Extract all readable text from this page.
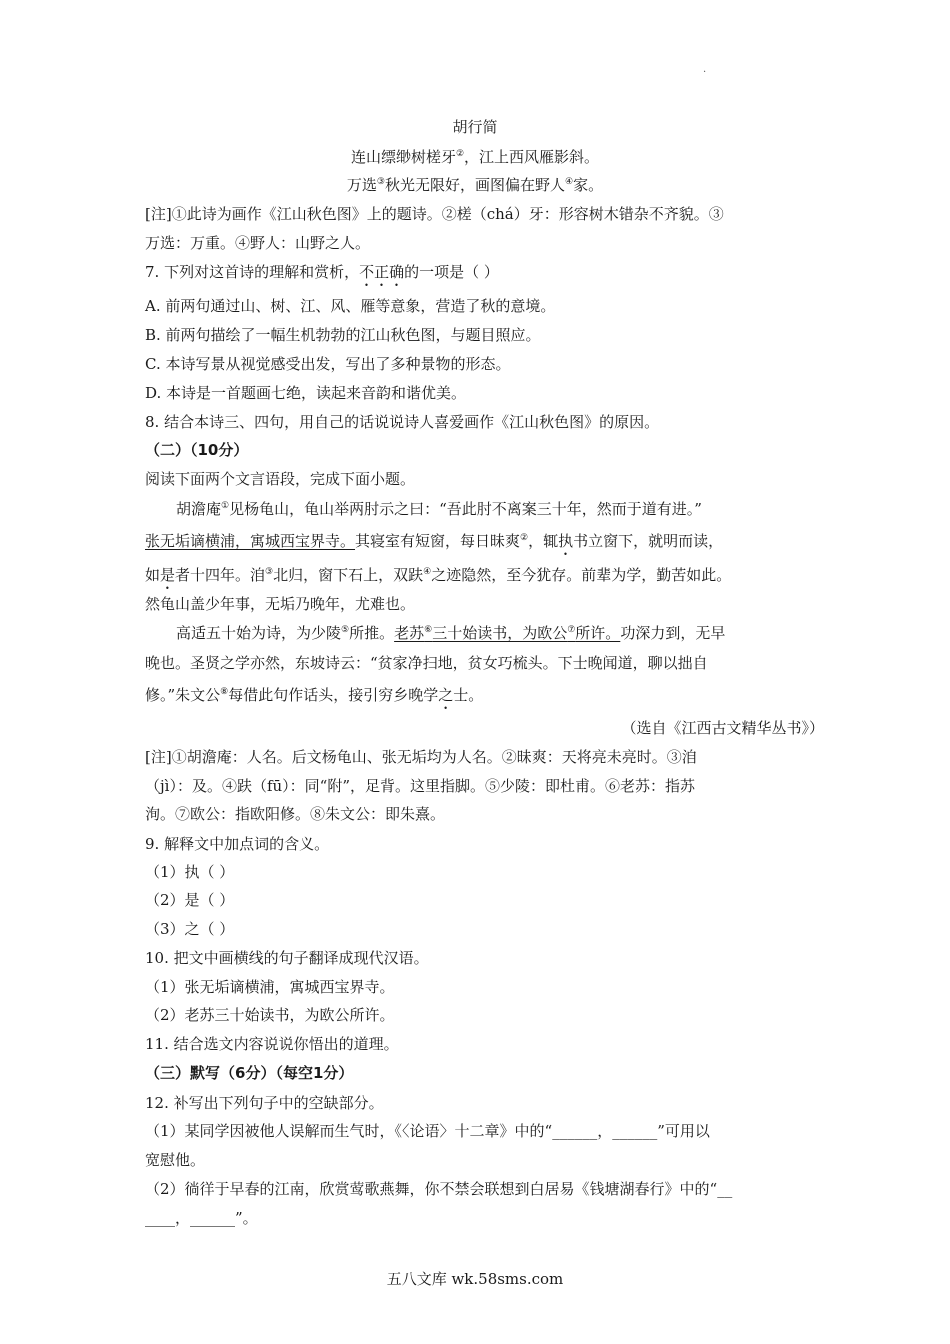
.
胡行简
连山缥缈树槎牙②，江上西风雁影斜。
万选③秋光无限好，画图偏在野人④家。
[注]①此诗为画作《江山秋色图》上的题诗。②槎（chá）牙：形容树木错杂不齐貌。③
万选：万重。④野人：山野之人。
7. 下列对这首诗的理解和赏析，不正确的一项是（ ）
A. 前两句通过山、树、江、风、雁等意象，营造了秋的意境。
B. 前两句描绘了一幅生机勃勃的江山秋色图，与题目照应。
C. 本诗写景从视觉感受出发，写出了多种景物的形态。
D. 本诗是一首题画七绝，读起来音韵和谐优美。
8. 结合本诗三、四句，用自己的话说说诗人喜爱画作《江山秋色图》的原因。
（二）（10分）
阅读下面两个文言语段，完成下面小题。
胡澹庵①见杨龟山，龟山举两肘示之曰：“吾此肘不离案三十年，然而于道有进。”
张无垢谪横浦，寓城西宝界寺。其寝室有短窗，每日昧爽②，辄执书立窗下，就明而读，
如是者十四年。洎③北归，窗下石上，双趺④之迹隐然，至今犹存。前辈为学，勤苦如此。
然龟山盖少年事，无垢乃晚年，尤难也。
高适五十始为诗，为少陵⑤所推。老苏⑥三十始读书，为欧公⑦所许。功深力到，无早
晚也。圣贤之学亦然，东坡诗云：“贫家净扫地，贫女巧梳头。下士晚闻道，聊以拙自
修。”朱文公⑧每借此句作话头，接引穷乡晚学之士。
（选自《江西古文精华丛书》）
[注]①胡澹庵：人名。后文杨龟山、张无垢均为人名。②昧爽：天将亮未亮时。③洎
（jì）：及。④趺（fū）：同“附”，足背。这里指脚。⑤少陵：即杜甫。⑥老苏：指苏
洵。⑦欧公：指欧阳修。⑧朱文公：即朱熹。
9. 解释文中加点词的含义。
（1）执（ ）
（2）是（ ）
（3）之（ ）
10. 把文中画横线的句子翻译成现代汉语。
（1）张无垢谪横浦，寓城西宝界寺。
（2）老苏三十始读书，为欧公所许。
11. 结合选文内容说说你悟出的道理。
（三）默写（6分）（每空1分）
12. 补写出下列句子中的空缺部分。
（1）某同学因被他人误解而生气时，《〈论语〉十二章》中的“______，______”可用以
宽慰他。
（2）徜徉于早春的江南，欣赏莺歌燕舞，你不禁会联想到白居易《钱塘湖春行》中的“__
____，______”。
五八文库 wk.58sms.com
